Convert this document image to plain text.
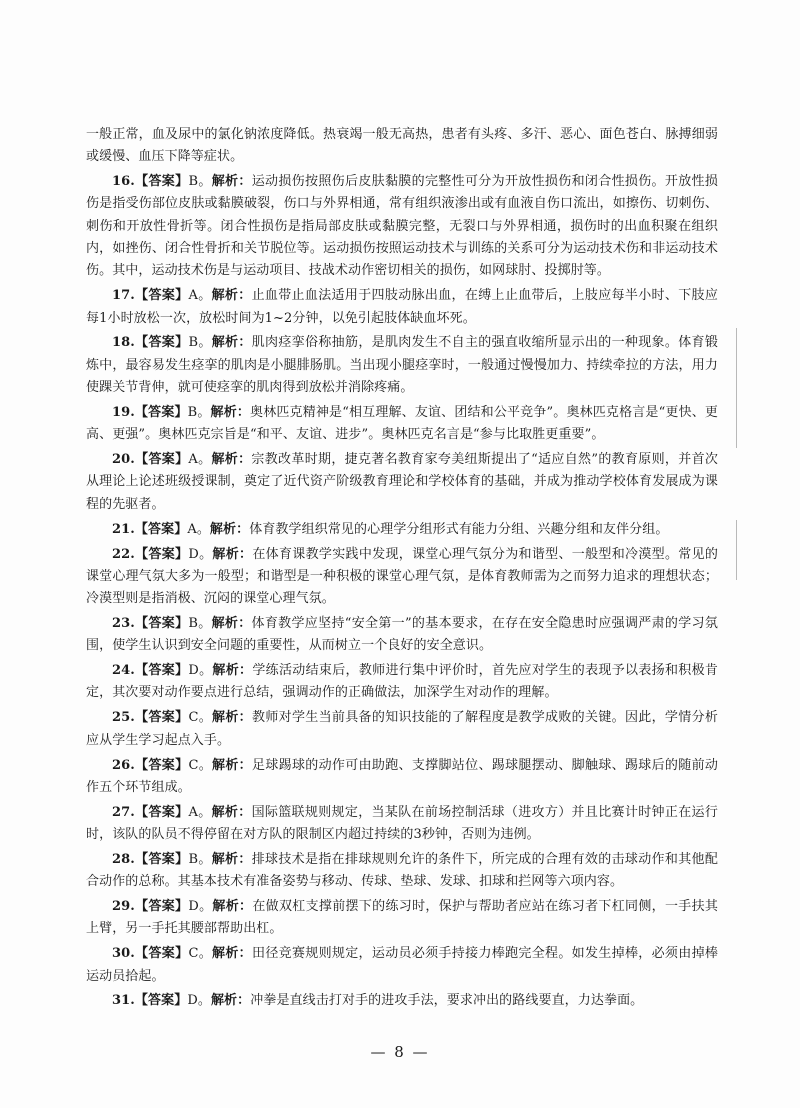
一般正常，血及尿中的氯化钠浓度降低。热衰竭一般无高热，患者有头疼、多汗、恶心、面色苍白、脉搏细弱或缓慢、血压下降等症状。

16.【答案】B。解析：运动损伤按照伤后皮肤黏膜的完整性可分为开放性损伤和闭合性损伤。开放性损伤是指受伤部位皮肤或黏膜破裂，伤口与外界相通，常有组织液渗出或有血液自伤口流出，如擦伤、切刺伤、刺伤和开放性骨折等。闭合性损伤是指局部皮肤或黏膜完整，无裂口与外界相通，损伤时的出血积聚在组织内，如挫伤、闭合性骨折和关节脱位等。运动损伤按照运动技术与训练的关系可分为运动技术伤和非运动技术伤。其中，运动技术伤是与运动项目、技战术动作密切相关的损伤，如网球肘、投掷肘等。

17.【答案】A。解析：止血带止血法适用于四肢动脉出血，在缚上止血带后，上肢应每半小时、下肢应每1小时放松一次，放松时间为1~2分钟，以免引起肢体缺血坏死。

18.【答案】B。解析：肌肉痉挛俗称抽筋，是肌肉发生不自主的强直收缩所显示出的一种现象。体育锻炼中，最容易发生痉挛的肌肉是小腿腓肠肌。当出现小腿痉挛时，一般通过慢慢加力、持续牵拉的方法，用力使踝关节背伸，就可使痉挛的肌肉得到放松并消除疼痛。

19.【答案】B。解析：奥林匹克精神是“相互理解、友谊、团结和公平竞争”。奥林匹克格言是“更快、更高、更强”。奥林匹克宗旨是“和平、友谊、进步”。奥林匹克名言是“参与比取胜更重要”。

20.【答案】A。解析：宗教改革时期，捷克著名教育家夸美纽斯提出了“适应自然”的教育原则，并首次从理论上论述班级授课制，奠定了近代资产阶级教育理论和学校体育的基础，并成为推动学校体育发展成为课程的先驱者。

21.【答案】A。解析：体育教学组织常见的心理学分组形式有能力分组、兴趣分组和友伴分组。

22.【答案】D。解析：在体育课教学实践中发现，课堂心理气氛分为和谐型、一般型和冷漠型。常见的课堂心理气氛大多为一般型；和谐型是一种积极的课堂心理气氛，是体育教师需为之而努力追求的理想状态；冷漠型则是指消极、沉闷的课堂心理气氛。

23.【答案】B。解析：体育教学应坚持“安全第一”的基本要求，在存在安全隐患时应强调严肃的学习氛围，使学生认识到安全问题的重要性，从而树立一个良好的安全意识。

24.【答案】D。解析：学练活动结束后，教师进行集中评价时，首先应对学生的表现予以表扬和积极肯定，其次要对动作要点进行总结，强调动作的正确做法，加深学生对动作的理解。

25.【答案】C。解析：教师对学生当前具备的知识技能的了解程度是教学成败的关键。因此，学情分析应从学生学习起点入手。

26.【答案】C。解析：足球踢球的动作可由助跑、支撑脚站位、踢球腿摆动、脚触球、踢球后的随前动作五个环节组成。

27.【答案】A。解析：国际篮联规则规定，当某队在前场控制活球（进攻方）并且比赛计时钟正在运行时，该队的队员不得停留在对方队的限制区内超过持续的3秒钟，否则为违例。

28.【答案】B。解析：排球技术是指在排球规则允许的条件下，所完成的合理有效的击球动作和其他配合动作的总称。其基本技术有准备姿势与移动、传球、垫球、发球、扣球和拦网等六项内容。

29.【答案】D。解析：在做双杠支撑前摆下的练习时，保护与帮助者应站在练习者下杠同侧，一手扶其上臂，另一手托其腰部帮助出杠。

30.【答案】C。解析：田径竞赛规则规定，运动员必须手持接力棒跑完全程。如发生掉棒，必须由掉棒运动员拾起。

31.【答案】D。解析：冲拳是直线击打对手的进攻手法，要求冲出的路线要直，力达拳面。

— 8 —
